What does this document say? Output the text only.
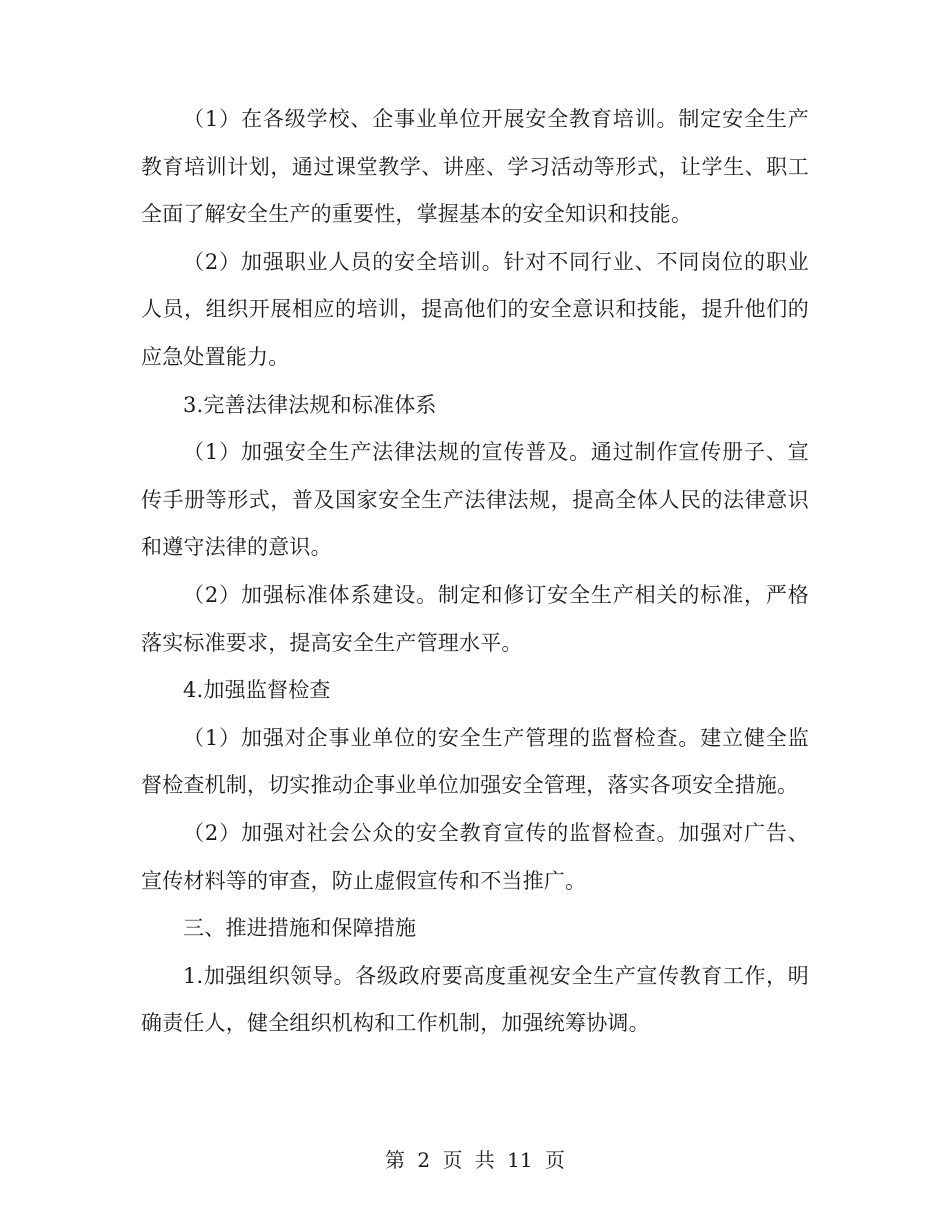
（1）在各级学校、企事业单位开展安全教育培训。制定安全生产教育培训计划，通过课堂教学、讲座、学习活动等形式，让学生、职工全面了解安全生产的重要性，掌握基本的安全知识和技能。

（2）加强职业人员的安全培训。针对不同行业、不同岗位的职业人员，组织开展相应的培训，提高他们的安全意识和技能，提升他们的应急处置能力。

3.完善法律法规和标准体系

（1）加强安全生产法律法规的宣传普及。通过制作宣传册子、宣传手册等形式，普及国家安全生产法律法规，提高全体人民的法律意识和遵守法律的意识。

（2）加强标准体系建设。制定和修订安全生产相关的标准，严格落实标准要求，提高安全生产管理水平。

4.加强监督检查

（1）加强对企事业单位的安全生产管理的监督检查。建立健全监督检查机制，切实推动企事业单位加强安全管理，落实各项安全措施。

（2）加强对社会公众的安全教育宣传的监督检查。加强对广告、宣传材料等的审查，防止虚假宣传和不当推广。

三、推进措施和保障措施

1.加强组织领导。各级政府要高度重视安全生产宣传教育工作，明确责任人，健全组织机构和工作机制，加强统筹协调。

第 2 页 共 11 页
